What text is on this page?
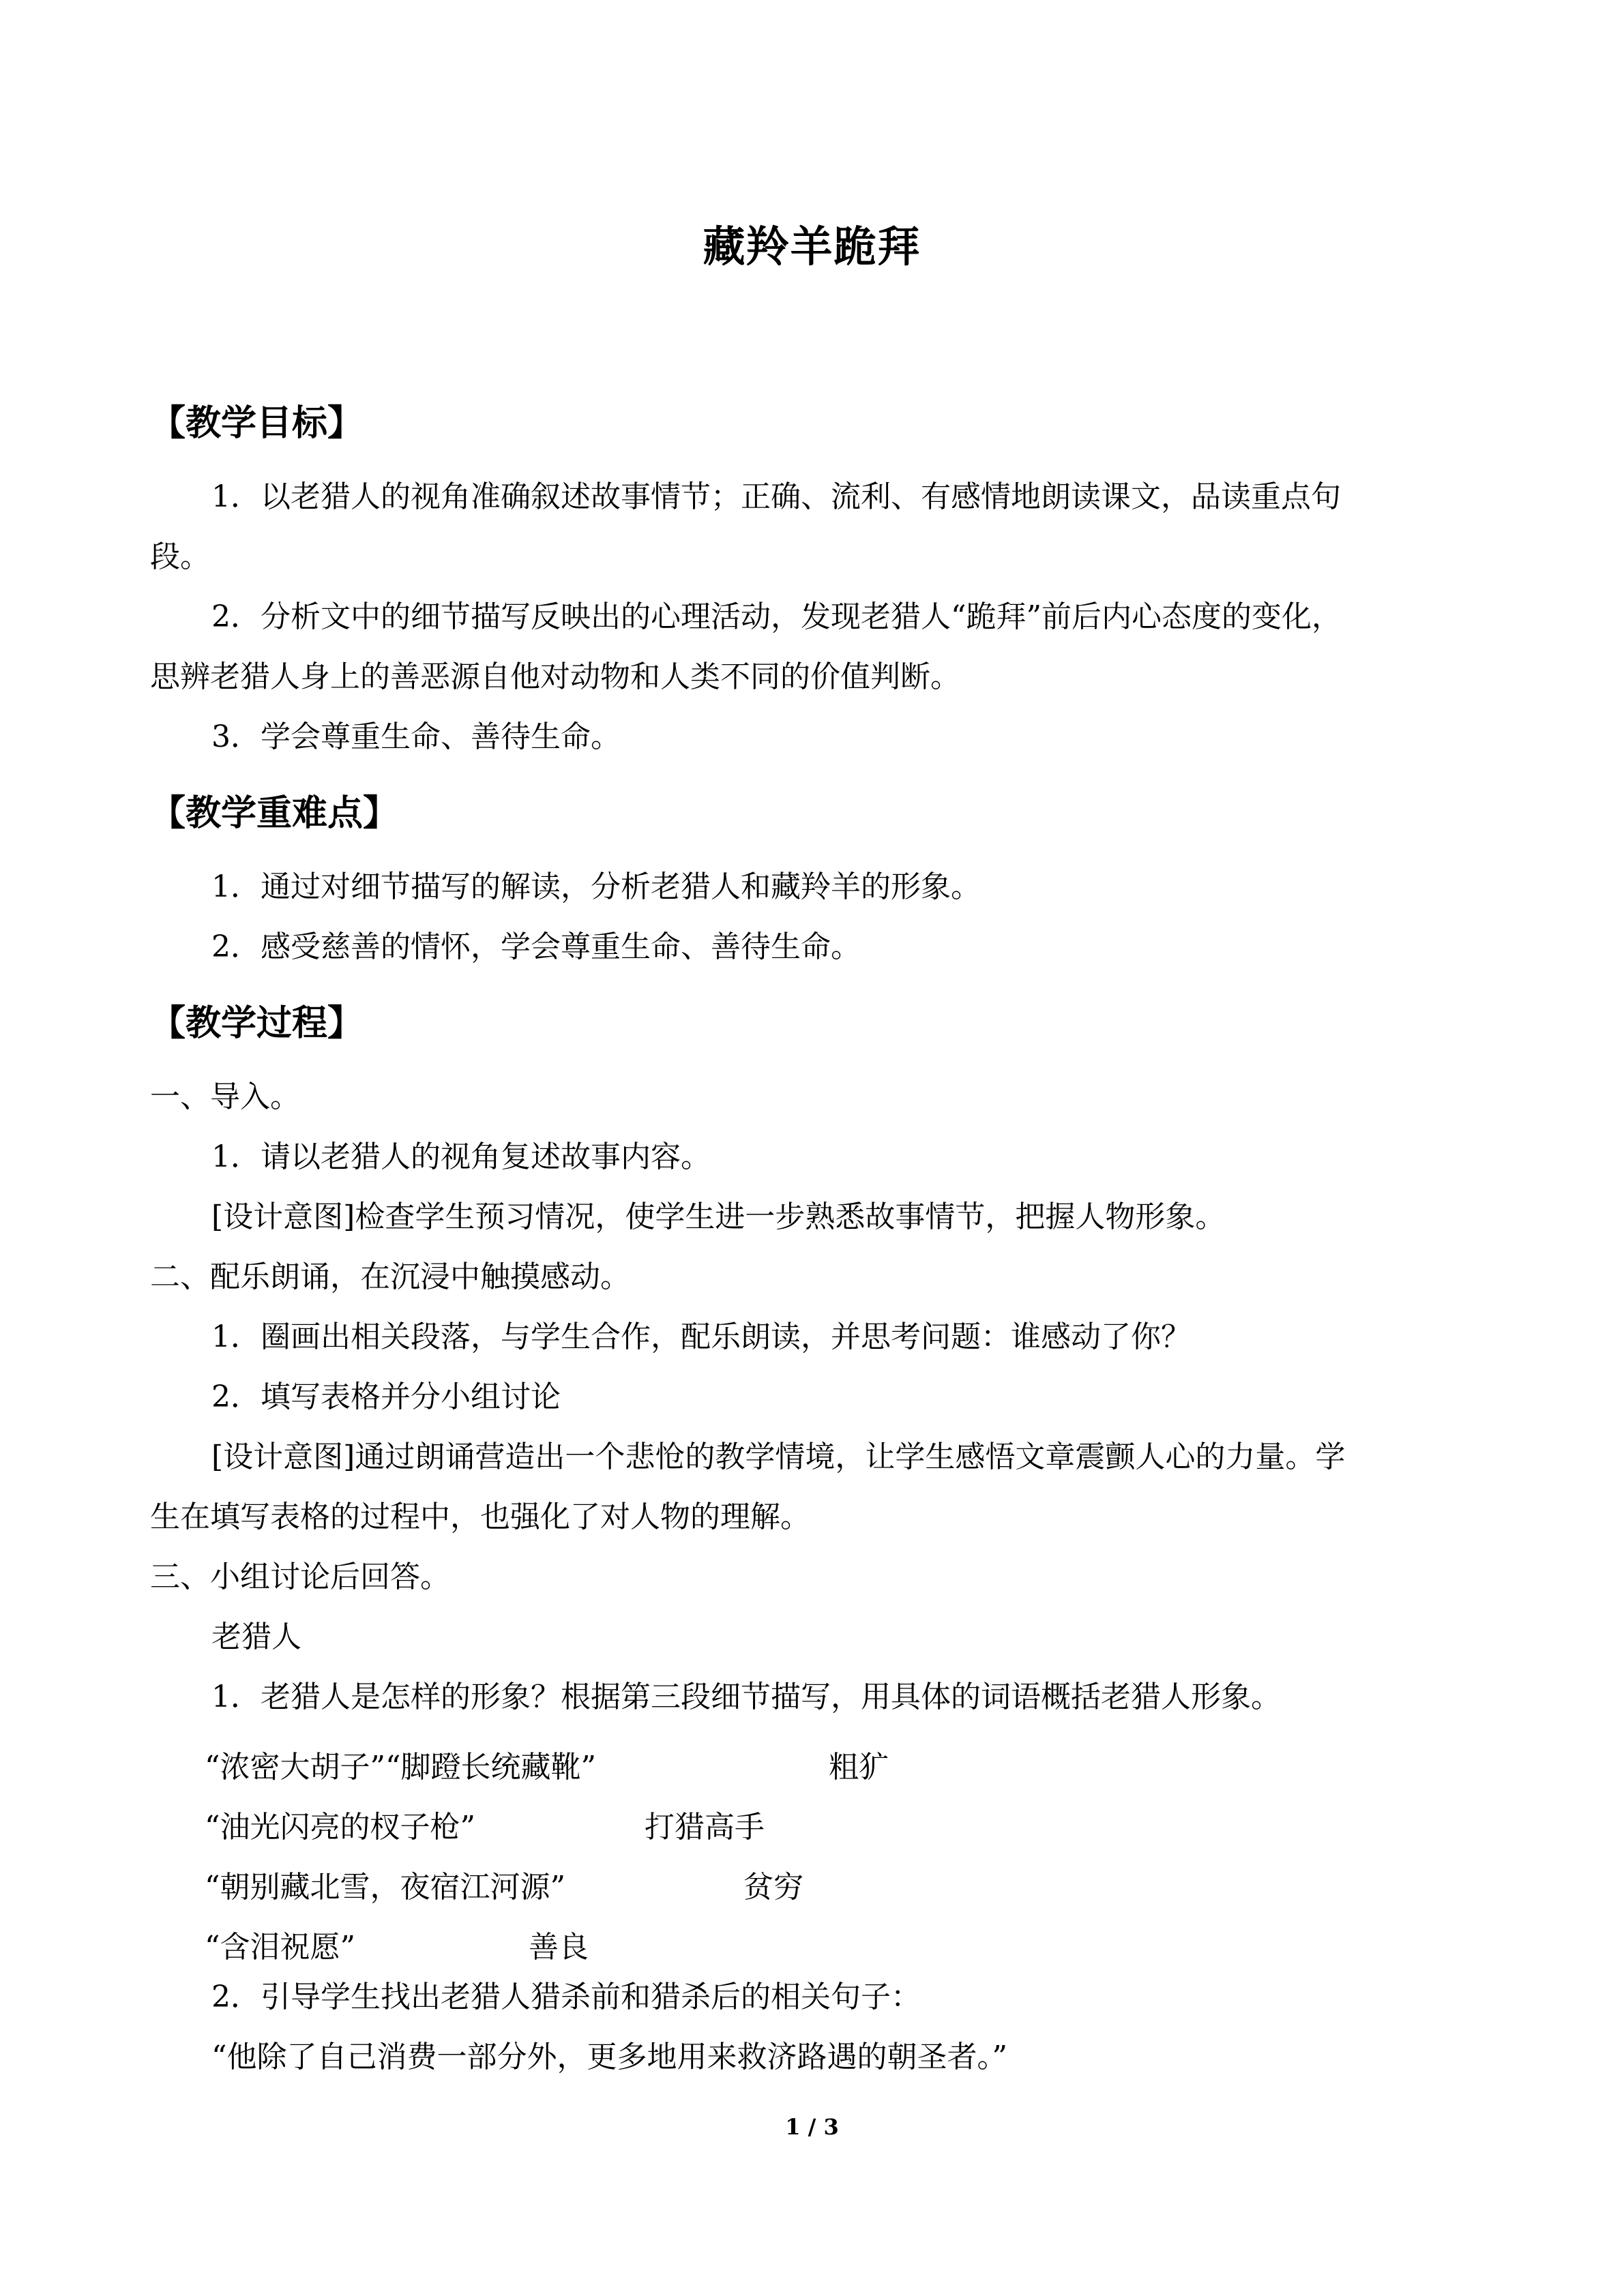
藏羚羊跪拜
【教学目标】
1．以老猎人的视角准确叙述故事情节；正确、流利、有感情地朗读课文，品读重点句
段。
2．分析文中的细节描写反映出的心理活动，发现老猎人“跪拜”前后内心态度的变化，
思辨老猎人身上的善恶源自他对动物和人类不同的价值判断。
3．学会尊重生命、善待生命。
【教学重难点】
1．通过对细节描写的解读，分析老猎人和藏羚羊的形象。
2．感受慈善的情怀，学会尊重生命、善待生命。
【教学过程】
一、导入。
1．请以老猎人的视角复述故事内容。
[设计意图]检查学生预习情况，使学生进一步熟悉故事情节，把握人物形象。
二、配乐朗诵，在沉浸中触摸感动。
1．圈画出相关段落，与学生合作，配乐朗读，并思考问题：谁感动了你？
2．填写表格并分小组讨论
[设计意图]通过朗诵营造出一个悲怆的教学情境，让学生感悟文章震颤人心的力量。学
生在填写表格的过程中，也强化了对人物的理解。
三、小组讨论后回答。
老猎人
1．老猎人是怎样的形象？根据第三段细节描写，用具体的词语概括老猎人形象。
“浓密大胡子”“脚蹬长统藏靴”	粗犷
“油光闪亮的杈子枪”	打猎高手
“朝别藏北雪，夜宿江河源”	贫穷
“含泪祝愿”	善良
2．引导学生找出老猎人猎杀前和猎杀后的相关句子：
“他除了自己消费一部分外，更多地用来救济路遇的朝圣者。”
1 / 3
